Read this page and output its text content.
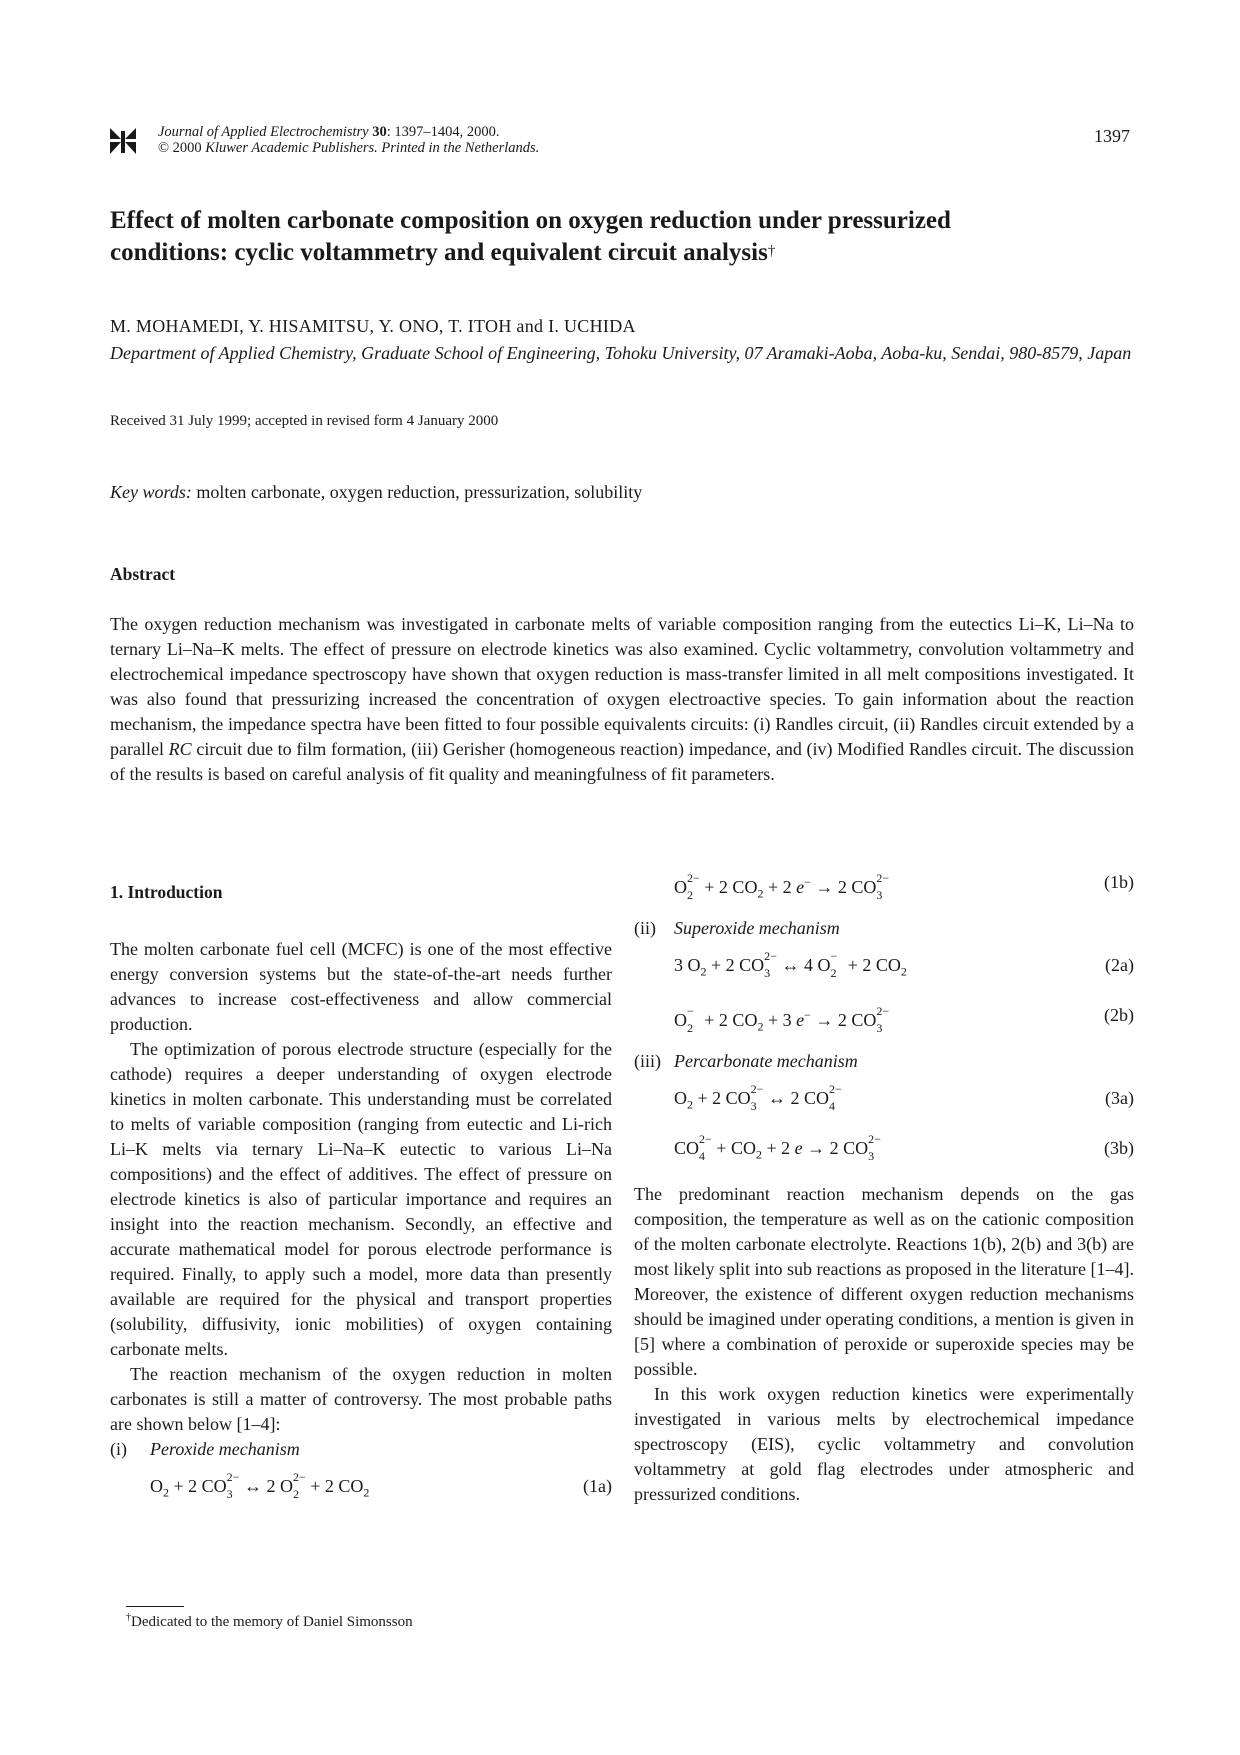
Journal of Applied Electrochemistry 30: 1397–1404, 2000.
© 2000 Kluwer Academic Publishers. Printed in the Netherlands.
1397
Effect of molten carbonate composition on oxygen reduction under pressurized
conditions: cyclic voltammetry and equivalent circuit analysis†
M. MOHAMEDI, Y. HISAMITSU, Y. ONO, T. ITOH and I. UCHIDA
Department of Applied Chemistry, Graduate School of Engineering, Tohoku University, 07 Aramaki-Aoba, Aoba-ku, Sendai, 980-8579, Japan
Received 31 July 1999; accepted in revised form 4 January 2000
Key words: molten carbonate, oxygen reduction, pressurization, solubility
Abstract
The oxygen reduction mechanism was investigated in carbonate melts of variable composition ranging from the eutectics Li–K, Li–Na to ternary Li–Na–K melts. The effect of pressure on electrode kinetics was also examined. Cyclic voltammetry, convolution voltammetry and electrochemical impedance spectroscopy have shown that oxygen reduction is mass-transfer limited in all melt compositions investigated. It was also found that pressurizing increased the concentration of oxygen electroactive species. To gain information about the reaction mechanism, the impedance spectra have been fitted to four possible equivalents circuits: (i) Randles circuit, (ii) Randles circuit extended by a parallel RC circuit due to film formation, (iii) Gerisher (homogeneous reaction) impedance, and (iv) Modified Randles circuit. The discussion of the results is based on careful analysis of fit quality and meaningfulness of fit parameters.
1. Introduction
The molten carbonate fuel cell (MCFC) is one of the most effective energy conversion systems but the state-of-the-art needs further advances to increase cost-effectiveness and allow commercial production.
The optimization of porous electrode structure (especially for the cathode) requires a deeper understanding of oxygen electrode kinetics in molten carbonate. This understanding must be correlated to melts of variable composition (ranging from eutectic and Li-rich Li–K melts via ternary Li–Na–K eutectic to various Li–Na compositions) and the effect of additives. The effect of pressure on electrode kinetics is also of particular importance and requires an insight into the reaction mechanism. Secondly, an effective and accurate mathematical model for porous electrode performance is required. Finally, to apply such a model, more data than presently available are required for the physical and transport properties (solubility, diffusivity, ionic mobilities) of oxygen containing carbonate melts.
The reaction mechanism of the oxygen reduction in molten carbonates is still a matter of controversy. The most probable paths are shown below [1–4]:
(i) Peroxide mechanism
$O_2 + 2$ CO 2−
3 ↔ 2 O 2−
2 + 2 $CO_2$	(1a)
O 2−
2 + 2 $CO_2 + 2$ e− → 2 CO 2−
3
(1b)
(ii) Superoxide mechanism
3 $O_2 + 2$ CO 2−
3 ↔ 4 O −
2 + 2 $CO_2$	(2a)
O −
2 + 2 $CO_2 + 3$ e− → 2 CO 2−
3
(2b)
(iii) Percarbonate mechanism
$O_2 + 2$ CO 2−
3 ↔ 2 CO 2−
4	(3a)
CO 2−
$4 + CO_2 + 2$ e → 2 CO 2−
3	(3b)
The predominant reaction mechanism depends on the gas composition, the temperature as well as on the cationic composition of the molten carbonate electrolyte. Reactions 1(b), 2(b) and 3(b) are most likely split into sub reactions as proposed in the literature [1–4]. Moreover, the existence of different oxygen reduction mechanisms should be imagined under operating conditions, a mention is given in [5] where a combination of peroxide or superoxide species may be possible.
In this work oxygen reduction kinetics were experimentally investigated in various melts by electrochemical impedance spectroscopy (EIS), cyclic voltammetry and convolution voltammetry at gold flag electrodes under atmospheric and pressurized conditions.
†Dedicated to the memory of Daniel Simonsson
